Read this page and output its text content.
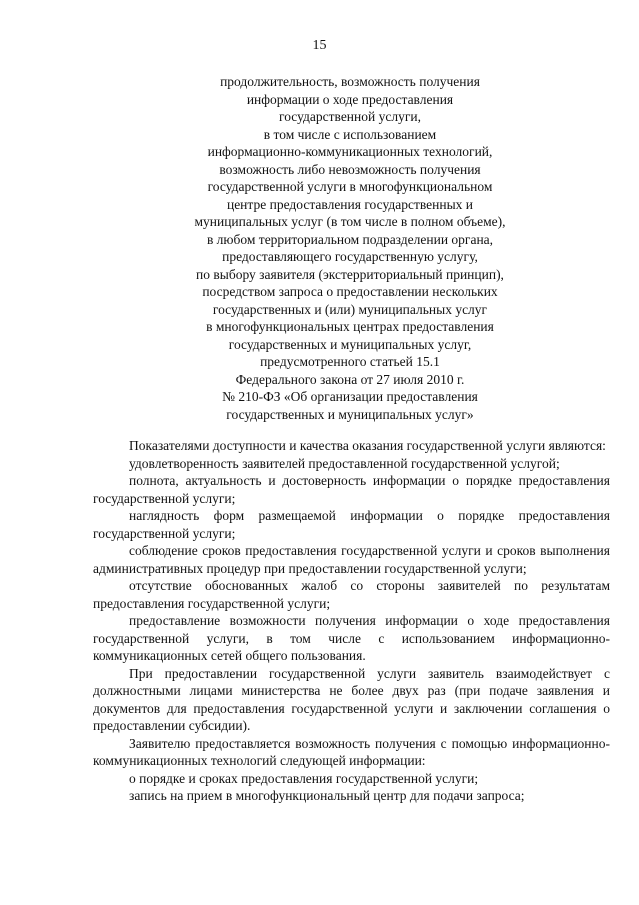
15
продолжительность, возможность получения
информации о ходе предоставления
государственной услуги,
в том числе с использованием
информационно-коммуникационных технологий,
возможность либо невозможность получения
государственной услуги в многофункциональном
центре предоставления государственных и
муниципальных услуг (в том числе в полном объеме),
в любом территориальном подразделении органа,
предоставляющего государственную услугу,
по выбору заявителя (экстерриториальный принцип),
посредством запроса о предоставлении нескольких
государственных и (или) муниципальных услуг
в многофункциональных центрах предоставления
государственных и муниципальных услуг,
предусмотренного статьей 15.1
Федерального закона от 27 июля 2010 г.
№ 210-ФЗ «Об организации предоставления
государственных и муниципальных услуг»

Показателями доступности и качества оказания государственной услуги являются:

удовлетворенность заявителей предоставленной государственной услугой;

полнота, актуальность и достоверность информации о порядке предоставления государственной услуги;

наглядность форм размещаемой информации о порядке предоставления государственной услуги;

соблюдение сроков предоставления государственной услуги и сроков выполнения административных процедур при предоставлении государственной услуги;

отсутствие обоснованных жалоб со стороны заявителей по результатам предоставления государственной услуги;

предоставление возможности получения информации о ходе предоставления государственной услуги, в том числе с использованием информационно-коммуникационных сетей общего пользования.

При предоставлении государственной услуги заявитель взаимодействует с должностными лицами министерства не более двух раз (при подаче заявления и документов для предоставления государственной услуги и заключении соглашения о предоставлении субсидии).

Заявителю предоставляется возможность получения с помощью информационно-коммуникационных технологий следующей информации:

о порядке и сроках предоставления государственной услуги;

запись на прием в многофункциональный центр для подачи запроса;
